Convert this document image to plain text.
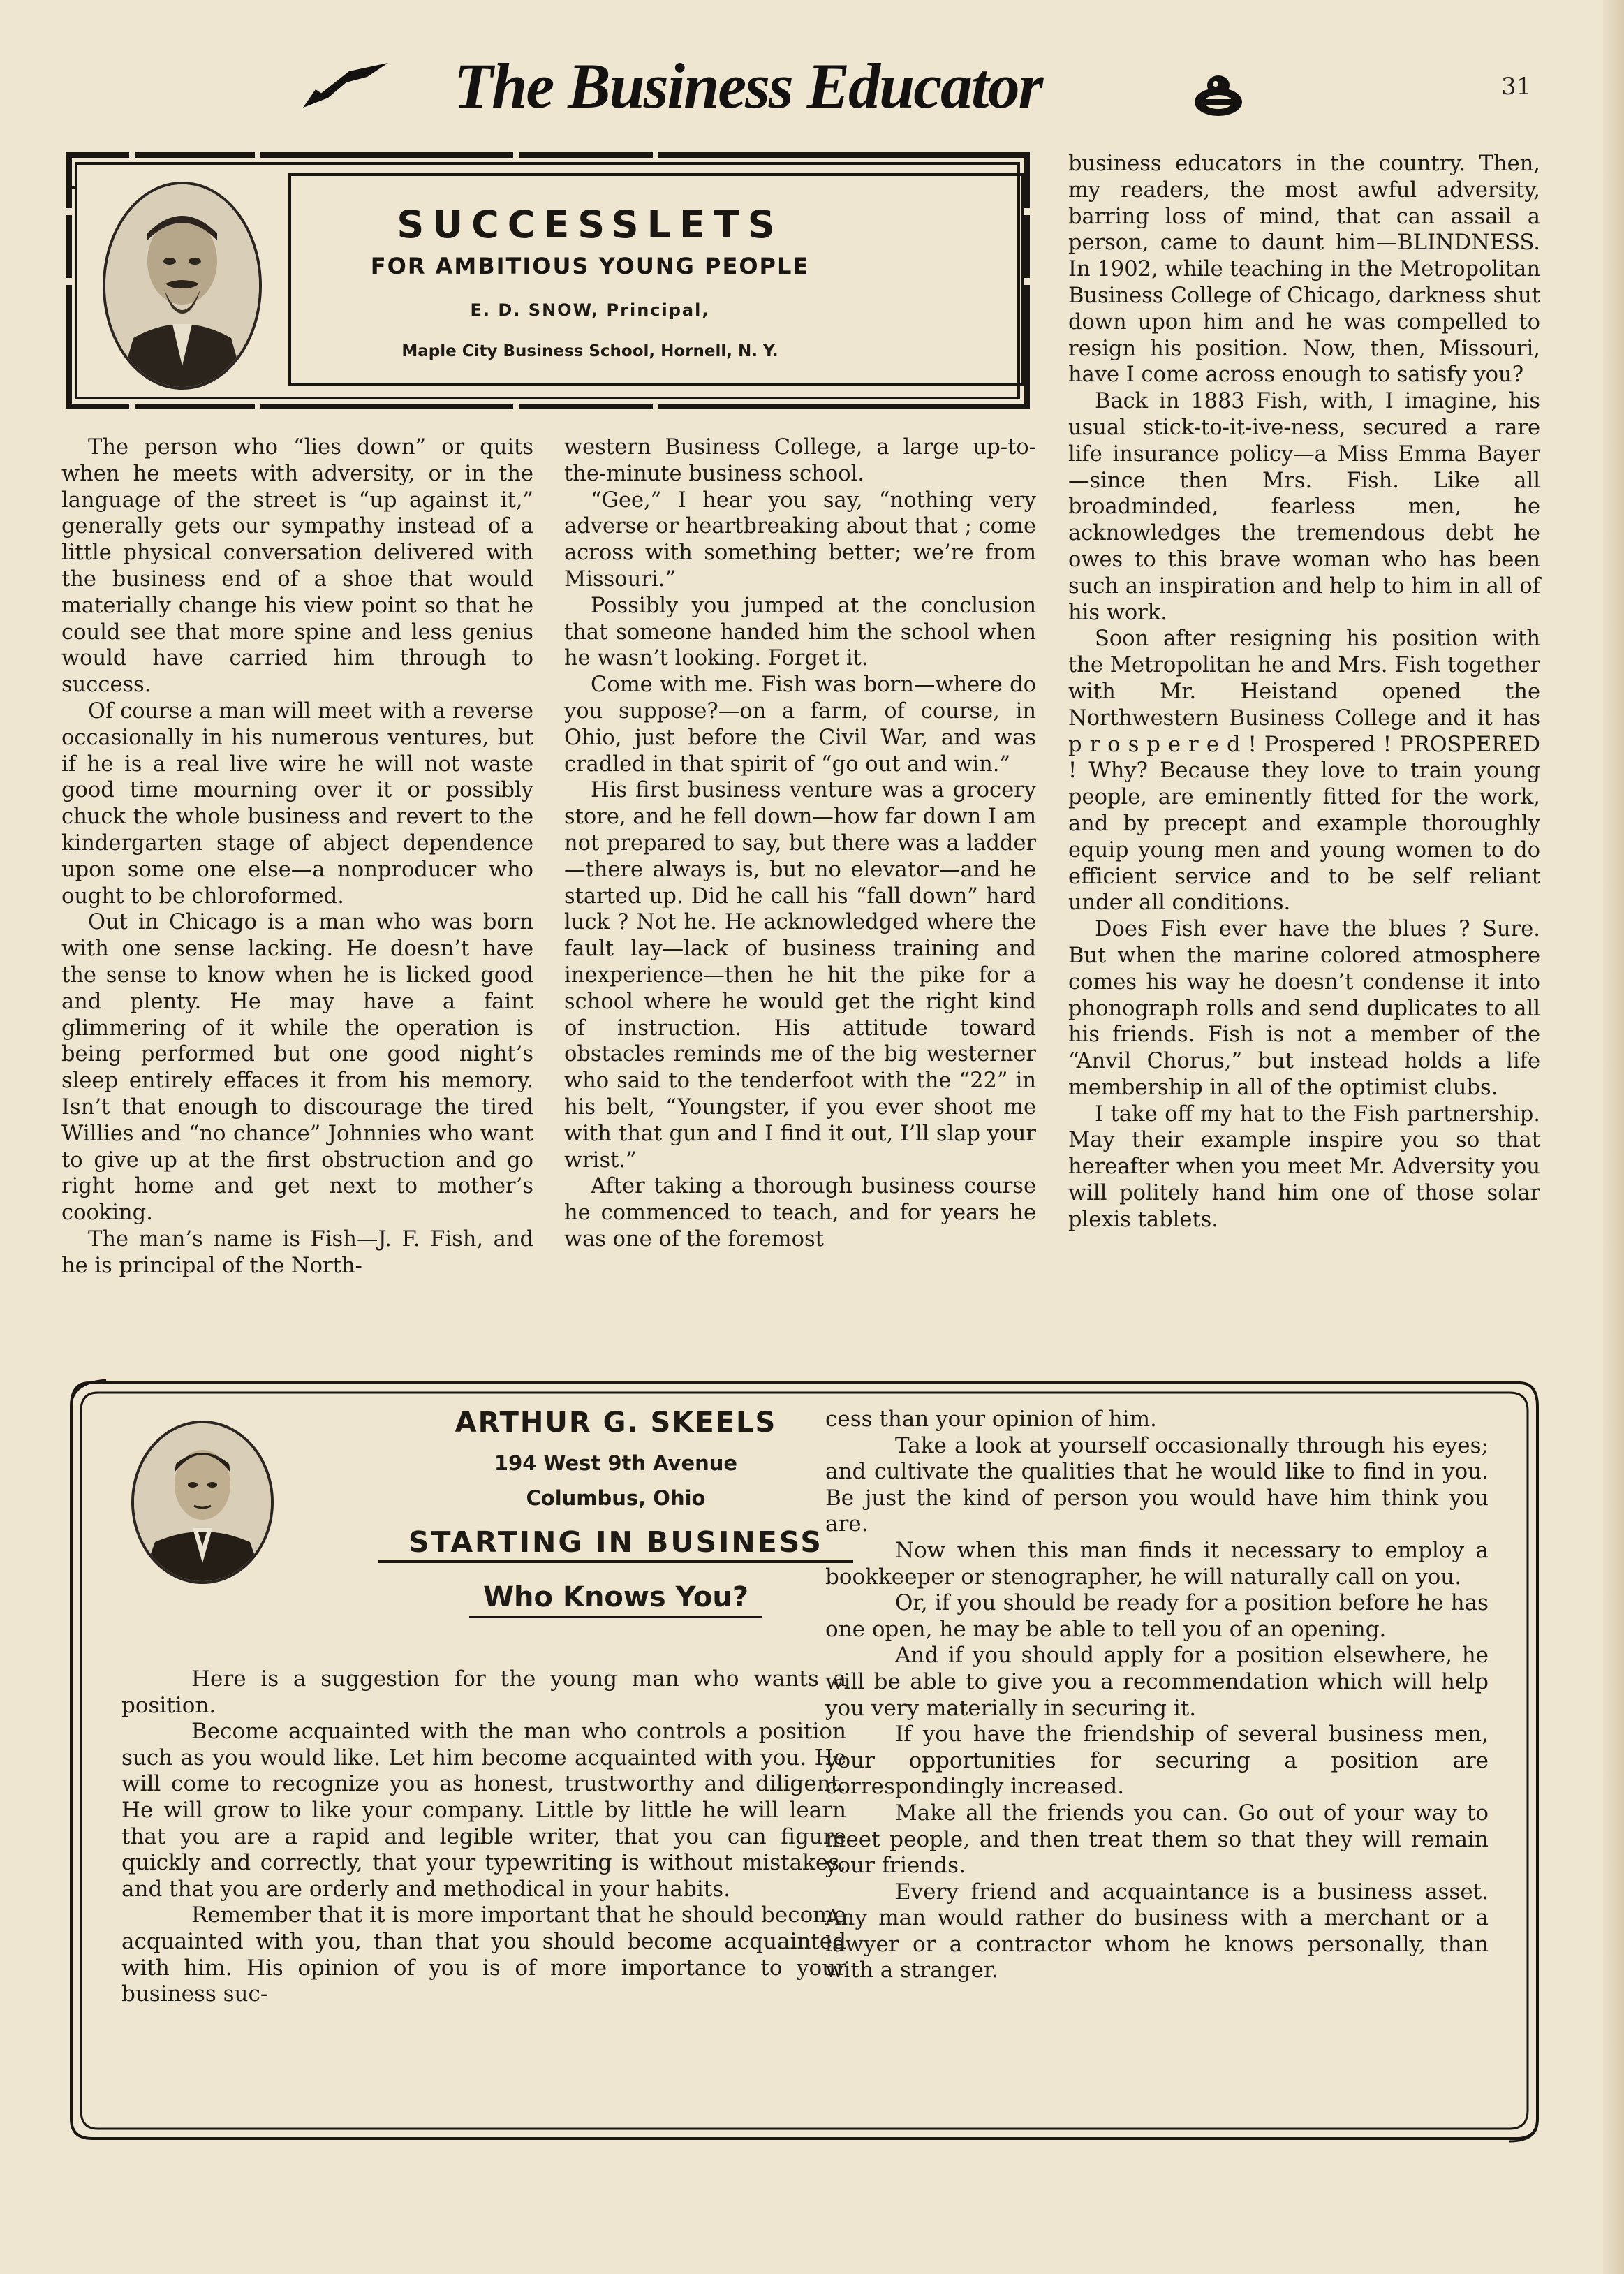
The Business Educator	31
SUCCESSLETS
FOR AMBITIOUS YOUNG PEOPLE
E. D. SNOW, Principal,
Maple City Business School, Hornell, N. Y.

The person who “lies down” or quits when he meets with adversity, or in the language of the street is “up against it,” generally gets our sympathy instead of a little physical conversation delivered with the business end of a shoe that would materially change his view point so that he could see that more spine and less genius would have carried him through to success.

Of course a man will meet with a reverse occasionally in his numerous ventures, but if he is a real live wire he will not waste good time mourning over it or possibly chuck the whole business and revert to the kindergarten stage of abject dependence upon some one else—a nonproducer who ought to be chloroformed.

Out in Chicago is a man who was born with one sense lacking. He doesn’t have the sense to know when he is licked good and plenty. He may have a faint glimmering of it while the operation is being performed but one good night’s sleep entirely effaces it from his memory. Isn’t that enough to discourage the tired Willies and “no chance” Johnnies who want to give up at the first obstruction and go right home and get next to mother’s cooking.

The man’s name is Fish—J. F. Fish, and he is principal of the North-

western Business College, a large up-to-the-minute business school.

“Gee,” I hear you say, “nothing very adverse or heartbreaking about that ; come across with something better; we’re from Missouri.”

Possibly you jumped at the conclusion that someone handed him the school when he wasn’t looking. Forget it.

Come with me. Fish was born—where do you suppose?—on a farm, of course, in Ohio, just before the Civil War, and was cradled in that spirit of “go out and win.”

His first business venture was a grocery store, and he fell down—how far down I am not prepared to say, but there was a ladder—there always is, but no elevator—and he started up. Did he call his “fall down” hard luck ? Not he. He acknowledged where the fault lay—lack of business training and inexperience—then he hit the pike for a school where he would get the right kind of instruction. His attitude toward obstacles reminds me of the big westerner who said to the tenderfoot with the “22” in his belt, “Youngster, if you ever shoot me with that gun and I find it out, I’ll slap your wrist.”

After taking a thorough business course he commenced to teach, and for years he was one of the foremost

business educators in the country. Then, my readers, the most awful adversity, barring loss of mind, that can assail a person, came to daunt him—BLINDNESS. In 1902, while teaching in the Metropolitan Business College of Chicago, darkness shut down upon him and he was compelled to resign his position. Now, then, Missouri, have I come across enough to satisfy you?

Back in 1883 Fish, with, I imagine, his usual stick-to-it-ive-ness, secured a rare life insurance policy—a Miss Emma Bayer—since then Mrs. Fish. Like all broadminded, fearless men, he acknowledges the tremendous debt he owes to this brave woman who has been such an inspiration and help to him in all of his work.

Soon after resigning his position with the Metropolitan he and Mrs. Fish together with Mr. Heistand opened the Northwestern Business College and it has p r o s p e r e d ! Prospered ! PROSPERED ! Why? Because they love to train young people, are eminently fitted for the work, and by precept and example thoroughly equip young men and young women to do efficient service and to be self reliant under all conditions.

Does Fish ever have the blues ? Sure. But when the marine colored atmosphere comes his way he doesn’t condense it into phonograph rolls and send duplicates to all his friends. Fish is not a member of the “Anvil Chorus,” but instead holds a life membership in all of the optimist clubs.

I take off my hat to the Fish partnership. May their example inspire you so that hereafter when you meet Mr. Adversity you will politely hand him one of those solar plexis tablets.

ARTHUR G. SKEELS
194 West 9th Avenue
Columbus, Ohio
STARTING IN BUSINESS
Who Knows You?

Here is a suggestion for the young man who wants a position.

Become acquainted with the man who controls a position such as you would like. Let him become acquainted with you. He will come to recognize you as honest, trustworthy and diligent. He will grow to like your company. Little by little he will learn that you are a rapid and legible writer, that you can figure quickly and correctly, that your typewriting is without mistakes, and that you are orderly and methodical in your habits.

Remember that it is more important that he should become acquainted with you, than that you should become acquainted with him. His opinion of you is of more importance to your business suc-

cess than your opinion of him.

Take a look at yourself occasionally through his eyes; and cultivate the qualities that he would like to find in you. Be just the kind of person you would have him think you are.

Now when this man finds it necessary to employ a bookkeeper or stenographer, he will naturally call on you.

Or, if you should be ready for a position before he has one open, he may be able to tell you of an opening.

And if you should apply for a position elsewhere, he will be able to give you a recommendation which will help you very materially in securing it.

If you have the friendship of several business men, your opportunities for securing a position are correspondingly increased.

Make all the friends you can. Go out of your way to meet people, and then treat them so that they will remain your friends.

Every friend and acquaintance is a business asset. Any man would rather do business with a merchant or a lawyer or a contractor whom he knows personally, than with a stranger.
